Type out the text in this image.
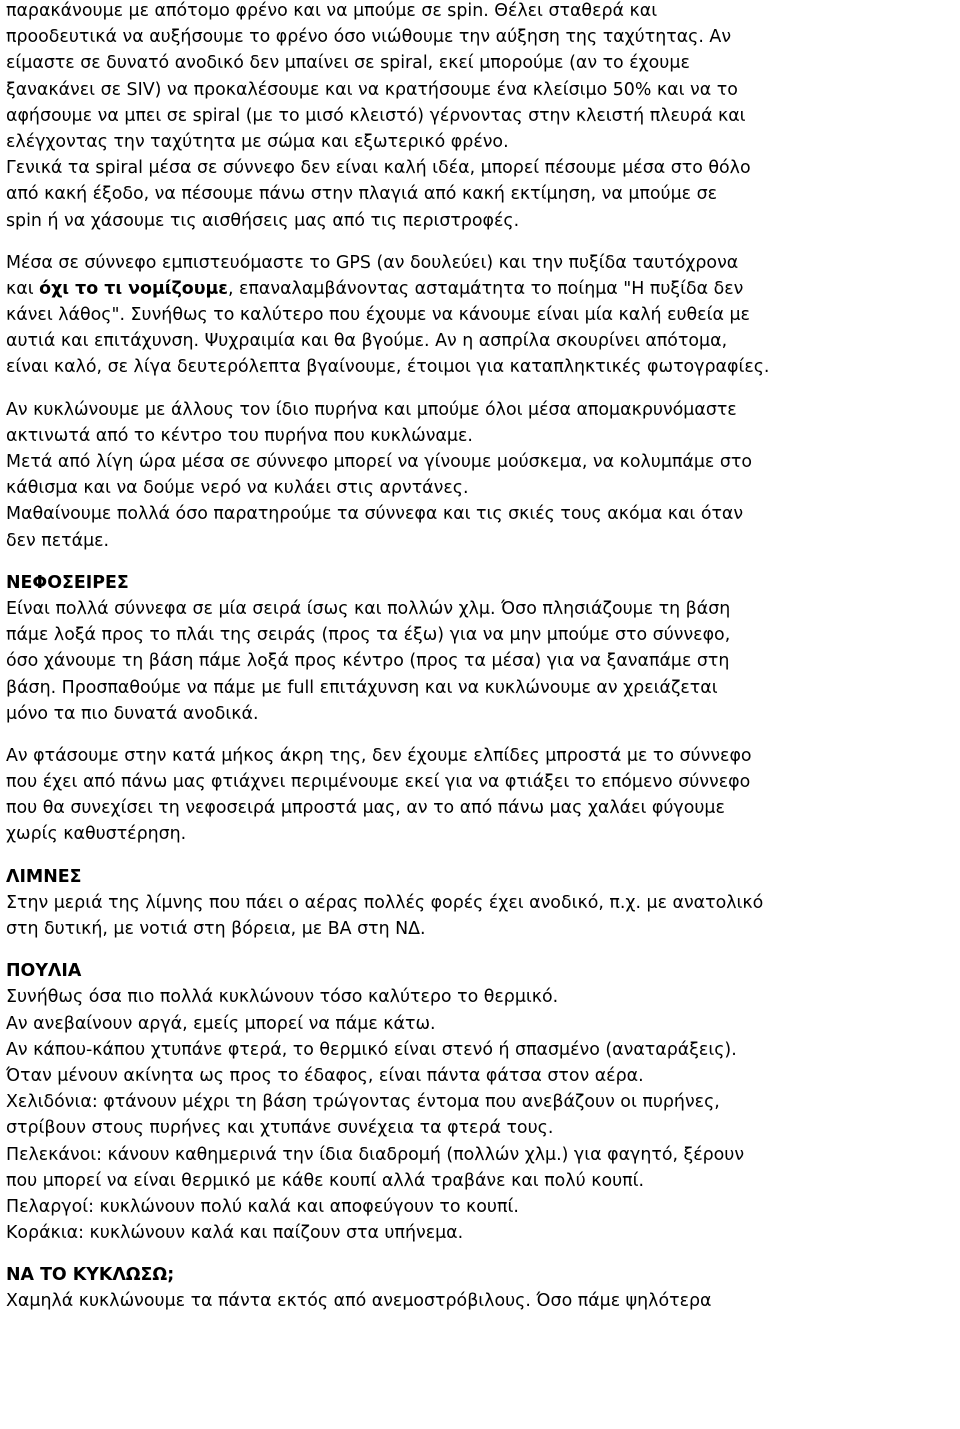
παρακάνουμε με απότομο φρένο και να μπούμε σε spin. Θέλει σταθερά και
προοδευτικά να αυξήσουμε το φρένο όσο νιώθουμε την αύξηση της ταχύτητας. Αν
είμαστε σε δυνατό ανοδικό δεν μπαίνει σε spiral, εκεί μπορούμε (αν το έχουμε
ξανακάνει σε SIV) να προκαλέσουμε και να κρατήσουμε ένα κλείσιμο 50% και να το
αφήσουμε να μπει σε spiral (με το μισό κλειστό) γέρνοντας στην κλειστή πλευρά και
ελέγχοντας την ταχύτητα με σώμα και εξωτερικό φρένο.
Γενικά τα spiral μέσα σε σύννεφο δεν είναι καλή ιδέα, μπορεί πέσουμε μέσα στο θόλο
από κακή έξοδο, να πέσουμε πάνω στην πλαγιά από κακή εκτίμηση, να μπούμε σε
spin ή να χάσουμε τις αισθήσεις μας από τις περιστροφές.
Μέσα σε σύννεφο εμπιστευόμαστε το GPS (αν δουλεύει) και την πυξίδα ταυτόχρονα
και όχι το τι νομίζουμε, επαναλαμβάνοντας ασταμάτητα το ποίημα "Η πυξίδα δεν
κάνει λάθος". Συνήθως το καλύτερο που έχουμε να κάνουμε είναι μία καλή ευθεία με
αυτιά και επιτάχυνση. Ψυχραιμία και θα βγούμε. Αν η ασπρίλα σκουρίνει απότομα,
είναι καλό, σε λίγα δευτερόλεπτα βγαίνουμε, έτοιμοι για καταπληκτικές φωτογραφίες.
Αν κυκλώνουμε με άλλους τον ίδιο πυρήνα και μπούμε όλοι μέσα απομακρυνόμαστε
ακτινωτά από το κέντρο του πυρήνα που κυκλώναμε.
Μετά από λίγη ώρα μέσα σε σύννεφο μπορεί να γίνουμε μούσκεμα, να κολυμπάμε στο
κάθισμα και να δούμε νερό να κυλάει στις αρντάνες.
Μαθαίνουμε πολλά όσο παρατηρούμε τα σύννεφα και τις σκιές τους ακόμα και όταν
δεν πετάμε.
ΝΕΦΟΣΕΙΡΕΣ
Είναι πολλά σύννεφα σε μία σειρά ίσως και πολλών χλμ. Όσο πλησιάζουμε τη βάση
πάμε λοξά προς το πλάι της σειράς (προς τα έξω) για να μην μπούμε στο σύννεφο,
όσο χάνουμε τη βάση πάμε λοξά προς κέντρο (προς τα μέσα) για να ξαναπάμε στη
βάση. Προσπαθούμε να πάμε με full επιτάχυνση και να κυκλώνουμε αν χρειάζεται
μόνο τα πιο δυνατά ανοδικά.
Αν φτάσουμε στην κατά μήκος άκρη της, δεν έχουμε ελπίδες μπροστά με το σύννεφο
που έχει από πάνω μας φτιάχνει περιμένουμε εκεί για να φτιάξει το επόμενο σύννεφο
που θα συνεχίσει τη νεφοσειρά μπροστά μας, αν το από πάνω μας χαλάει φύγουμε
χωρίς καθυστέρηση.
ΛΙΜΝΕΣ
Στην μεριά της λίμνης που πάει ο αέρας πολλές φορές έχει ανοδικό, π.χ. με ανατολικό
στη δυτική, με νοτιά στη βόρεια, με ΒΑ στη ΝΔ.
ΠΟΥΛΙΑ
Συνήθως όσα πιο πολλά κυκλώνουν τόσο καλύτερο το θερμικό.
Αν ανεβαίνουν αργά, εμείς μπορεί να πάμε κάτω.
Αν κάπου-κάπου χτυπάνε φτερά, το θερμικό είναι στενό ή σπασμένο (αναταράξεις).
Όταν μένουν ακίνητα ως προς το έδαφος, είναι πάντα φάτσα στον αέρα.
Χελιδόνια: φτάνουν μέχρι τη βάση τρώγοντας έντομα που ανεβάζουν οι πυρήνες,
στρίβουν στους πυρήνες και χτυπάνε συνέχεια τα φτερά τους.
Πελεκάνοι: κάνουν καθημερινά την ίδια διαδρομή (πολλών χλμ.) για φαγητό, ξέρουν
που μπορεί να είναι θερμικό με κάθε κουπί αλλά τραβάνε και πολύ κουπί.
Πελαργοί: κυκλώνουν πολύ καλά και αποφεύγουν το κουπί.
Κοράκια: κυκλώνουν καλά και παίζουν στα υπήνεμα.
ΝΑ ΤΟ ΚΥΚΛΩΣΩ;
Χαμηλά κυκλώνουμε τα πάντα εκτός από ανεμοστρόβιλους. Όσο πάμε ψηλότερα
